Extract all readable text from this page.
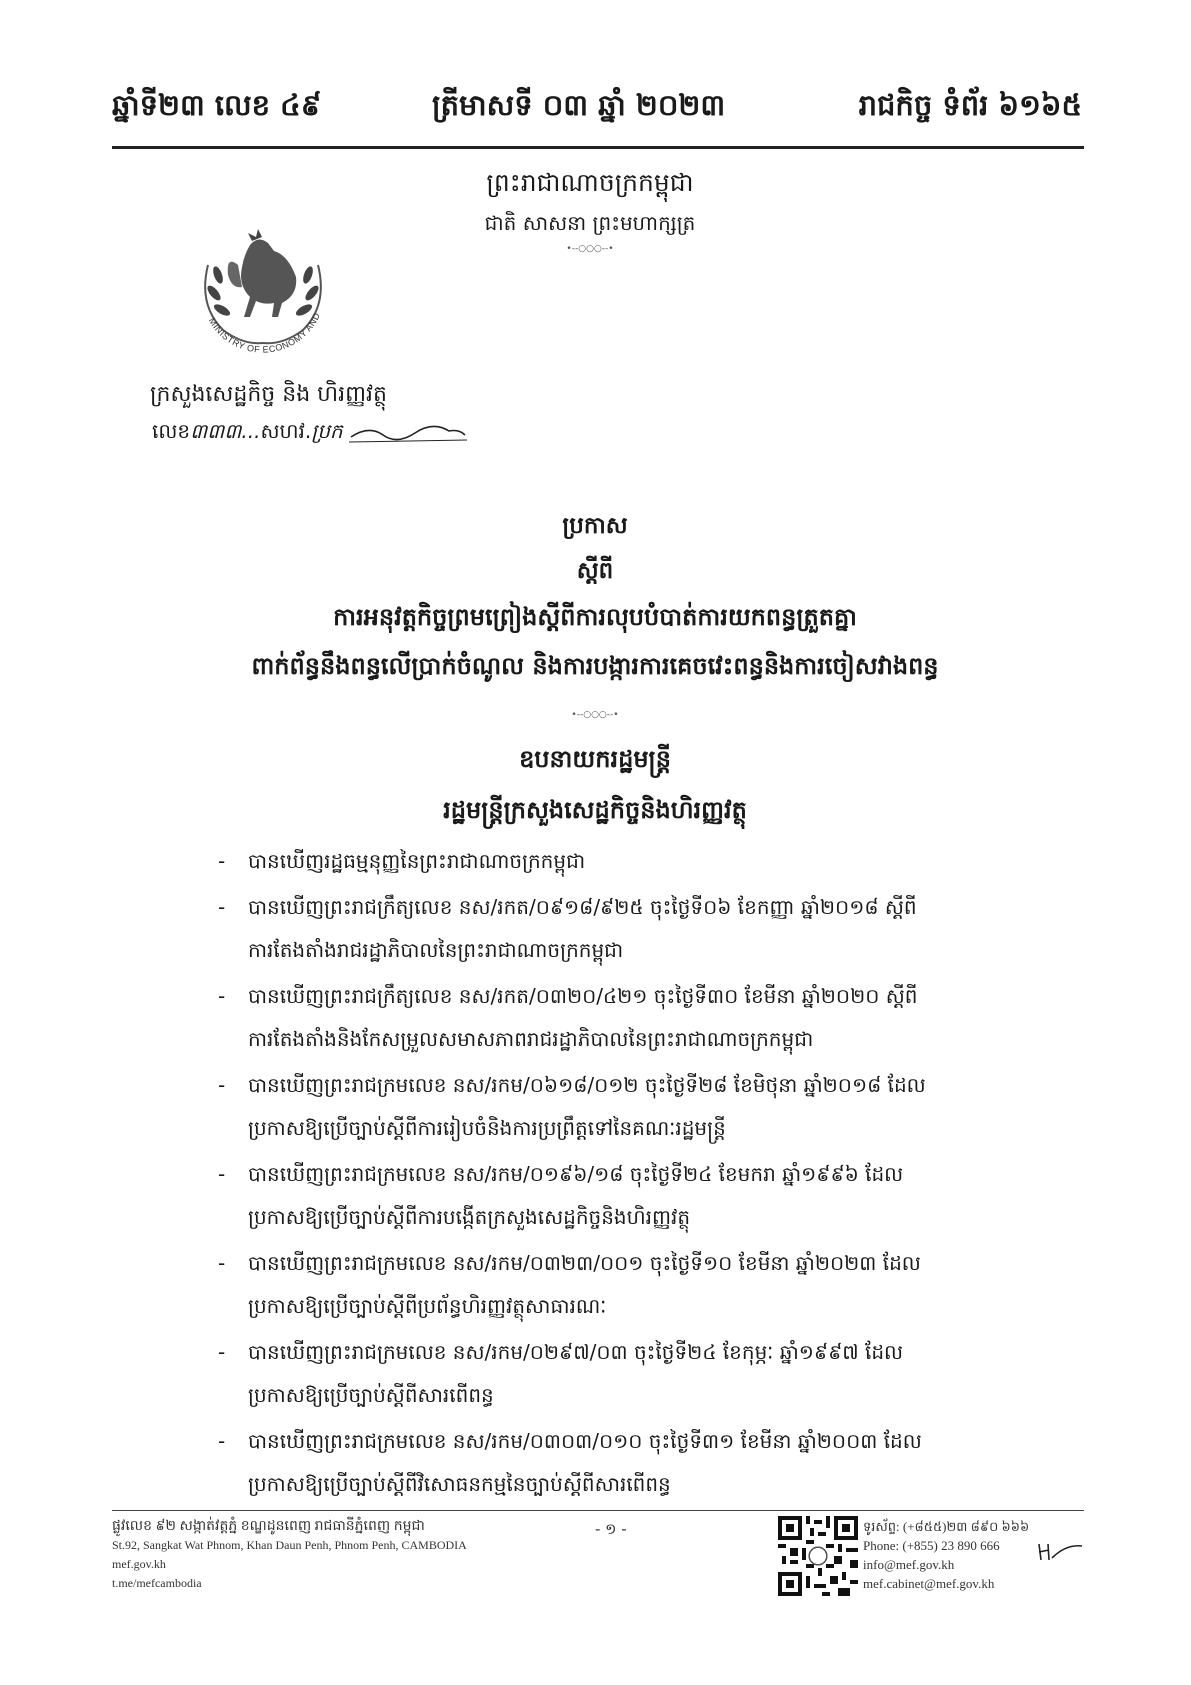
ឆ្នាំទី២៣ លេខ ៤៩	ត្រីមាសទី ០៣ ឆ្នាំ ២០២៣	រាជកិច្ច ទំព័រ ៦១៦៥
ព្រះរាជាណាចក្រកម្ពុជា
ជាតិ សាសនា ព្រះមហាក្សត្រ
•--○○○--•
MINISTRY OF ECONOMY AND
ក្រសួងសេដ្ឋកិច្ច និង ហិរញ្ញវត្ថុ
លេខ៣៣៣...សហវ.ប្រក
ប្រកាស
ស្តីពី
ការអនុវត្តកិច្ចព្រមព្រៀងស្តីពីការលុបបំបាត់ការយកពន្ធត្រួតគ្នា
ពាក់ព័ន្ធនឹងពន្ធលើប្រាក់ចំណូល និងការបង្ការការគេចវេះពន្ធនិងការចៀសវាងពន្ធ
•--○○○--•
ឧបនាយករដ្ឋមន្ត្រី
រដ្ឋមន្ត្រីក្រសួងសេដ្ឋកិច្ចនិងហិរញ្ញវត្ថុ
- បានឃើញរដ្ឋធម្មនុញ្ញនៃព្រះរាជាណាចក្រកម្ពុជា
- បានឃើញព្រះរាជក្រឹត្យលេខ នស/រកត/០៩១៨/៩២៥ ចុះថ្ងៃទី០៦ ខែកញ្ញា ឆ្នាំ២០១៨ ស្តីពី
ការតែងតាំងរាជរដ្ឋាភិបាលនៃព្រះរាជាណាចក្រកម្ពុជា
- បានឃើញព្រះរាជក្រឹត្យលេខ នស/រកត/០៣២០/៤២១ ចុះថ្ងៃទី៣០ ខែមីនា ឆ្នាំ២០២០ ស្តីពី
ការតែងតាំងនិងកែសម្រួលសមាសភាពរាជរដ្ឋាភិបាលនៃព្រះរាជាណាចក្រកម្ពុជា
- បានឃើញព្រះរាជក្រមលេខ នស/រកម/០៦១៨/០១២ ចុះថ្ងៃទី២៨ ខែមិថុនា ឆ្នាំ២០១៨ ដែល
ប្រកាសឱ្យប្រើច្បាប់ស្តីពីការរៀបចំនិងការប្រព្រឹត្តទៅនៃគណៈរដ្ឋមន្ត្រី
- បានឃើញព្រះរាជក្រមលេខ នស/រកម/០១៩៦/១៨ ចុះថ្ងៃទី២៤ ខែមករា ឆ្នាំ១៩៩៦ ដែល
ប្រកាសឱ្យប្រើច្បាប់ស្តីពីការបង្កើតក្រសួងសេដ្ឋកិច្ចនិងហិរញ្ញវត្ថុ
- បានឃើញព្រះរាជក្រមលេខ នស/រកម/០៣២៣/០០១ ចុះថ្ងៃទី១០ ខែមីនា ឆ្នាំ២០២៣ ដែល
ប្រកាសឱ្យប្រើច្បាប់ស្តីពីប្រព័ន្ធហិរញ្ញវត្ថុសាធារណៈ
- បានឃើញព្រះរាជក្រមលេខ នស/រកម/០២៩៧/០៣ ចុះថ្ងៃទី២៤ ខែកុម្ភៈ ឆ្នាំ១៩៩៧ ដែល
ប្រកាសឱ្យប្រើច្បាប់ស្តីពីសារពើពន្ធ
- បានឃើញព្រះរាជក្រមលេខ នស/រកម/០៣០៣/០១០ ចុះថ្ងៃទី៣១ ខែមីនា ឆ្នាំ២០០៣ ដែល
ប្រកាសឱ្យប្រើច្បាប់ស្តីពីវិសោធនកម្មនៃច្បាប់ស្តីពីសារពើពន្ធ
ផ្លូវលេខ ៩២ សង្កាត់វត្តភ្នំ ខណ្ឌដូនពេញ រាជធានីភ្នំពេញ កម្ពុជា
St.92, Sangkat Wat Phnom, Khan Daun Penh, Phnom Penh, CAMBODIA
mef.gov.kh
t.me/mefcambodia
- ១ -	ទូរស័ព្ទ: (+៨៥៥)២៣ ៨៩០ ៦៦៦
Phone: (+855) 23 890 666
info@mef.gov.kh
mef.cabinet@mef.gov.kh
